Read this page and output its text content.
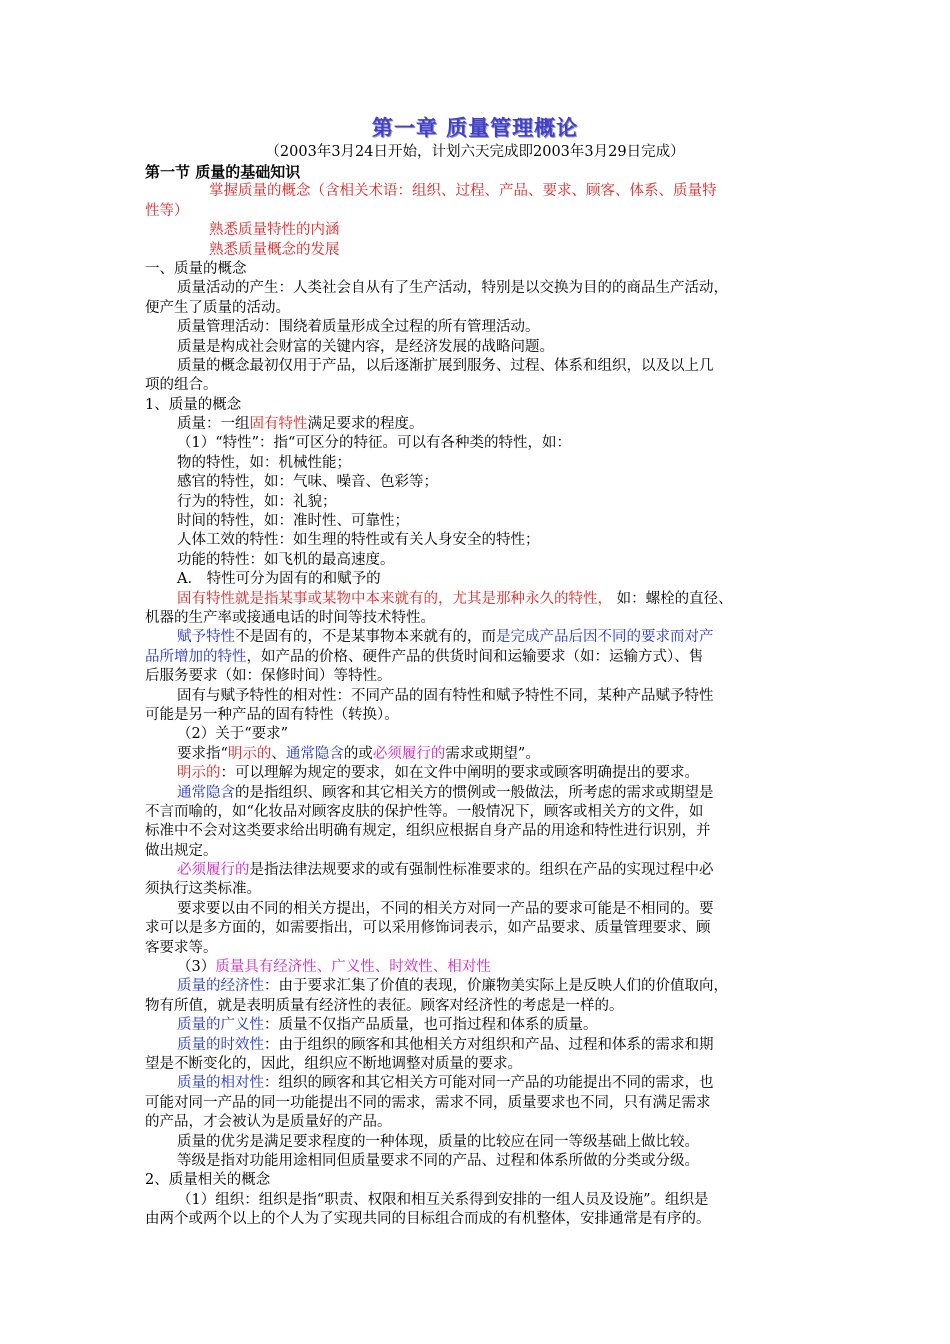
第一章 质量管理概论
（2003年3月24日开始，计划六天完成即2003年3月29日完成）
第一节 质量的基础知识
掌握质量的概念（含相关术语：组织、过程、产品、要求、顾客、体系、质量特
性等）
熟悉质量特性的内涵
熟悉质量概念的发展
一、质量的概念
质量活动的产生：人类社会自从有了生产活动，特别是以交换为目的的商品生产活动，
便产生了质量的活动。
质量管理活动：围绕着质量形成全过程的所有管理活动。
质量是构成社会财富的关键内容，是经济发展的战略问题。
质量的概念最初仅用于产品，以后逐渐扩展到服务、过程、体系和组织，以及以上几
项的组合。
1、质量的概念
质量：一组固有特性满足要求的程度。
（1）“特性”：指“可区分的特征。可以有各种类的特性，如：
物的特性，如：机械性能；
感官的特性，如：气味、噪音、色彩等；
行为的特性，如：礼貌；
时间的特性，如：准时性、可靠性；
人体工效的特性：如生理的特性或有关人身安全的特性；
功能的特性：如飞机的最高速度。
A． 特性可分为固有的和赋予的
固有特性就是指某事或某物中本来就有的，尤其是那种永久的特性， 如：螺栓的直径、
机器的生产率或接通电话的时间等技术特性。
赋予特性不是固有的，不是某事物本来就有的，而是完成产品后因不同的要求而对产
品所增加的特性，如产品的价格、硬件产品的供货时间和运输要求（如：运输方式）、售
后服务要求（如：保修时间）等特性。
固有与赋予特性的相对性：不同产品的固有特性和赋予特性不同，某种产品赋予特性
可能是另一种产品的固有特性（转换）。
（2）关于“要求”
要求指“明示的、通常隐含的或必须履行的需求或期望”。
明示的：可以理解为规定的要求，如在文件中阐明的要求或顾客明确提出的要求。
通常隐含的是指组织、顾客和其它相关方的惯例或一般做法，所考虑的需求或期望是
不言而喻的，如“化妆品对顾客皮肤的保护性等。一般情况下，顾客或相关方的文件，如
标准中不会对这类要求给出明确有规定，组织应根据自身产品的用途和特性进行识别，并
做出规定。
必须履行的是指法律法规要求的或有强制性标准要求的。组织在产品的实现过程中必
须执行这类标准。
要求要以由不同的相关方提出，不同的相关方对同一产品的要求可能是不相同的。要
求可以是多方面的，如需要指出，可以采用修饰词表示，如产品要求、质量管理要求、顾
客要求等。
（3）质量具有经济性、广义性、时效性、相对性
质量的经济性：由于要求汇集了价值的表现，价廉物美实际上是反映人们的价值取向，
物有所值，就是表明质量有经济性的表征。顾客对经济性的考虑是一样的。
质量的广义性：质量不仅指产品质量，也可指过程和体系的质量。
质量的时效性：由于组织的顾客和其他相关方对组织和产品、过程和体系的需求和期
望是不断变化的，因此，组织应不断地调整对质量的要求。
质量的相对性：组织的顾客和其它相关方可能对同一产品的功能提出不同的需求，也
可能对同一产品的同一功能提出不同的需求，需求不同，质量要求也不同，只有满足需求
的产品，才会被认为是质量好的产品。
质量的优劣是满足要求程度的一种体现，质量的比较应在同一等级基础上做比较。
等级是指对功能用途相同但质量要求不同的产品、过程和体系所做的分类或分级。
2、质量相关的概念
（1）组织：组织是指“职责、权限和相互关系得到安排的一组人员及设施”。组织是
由两个或两个以上的个人为了实现共同的目标组合而成的有机整体，安排通常是有序的。
